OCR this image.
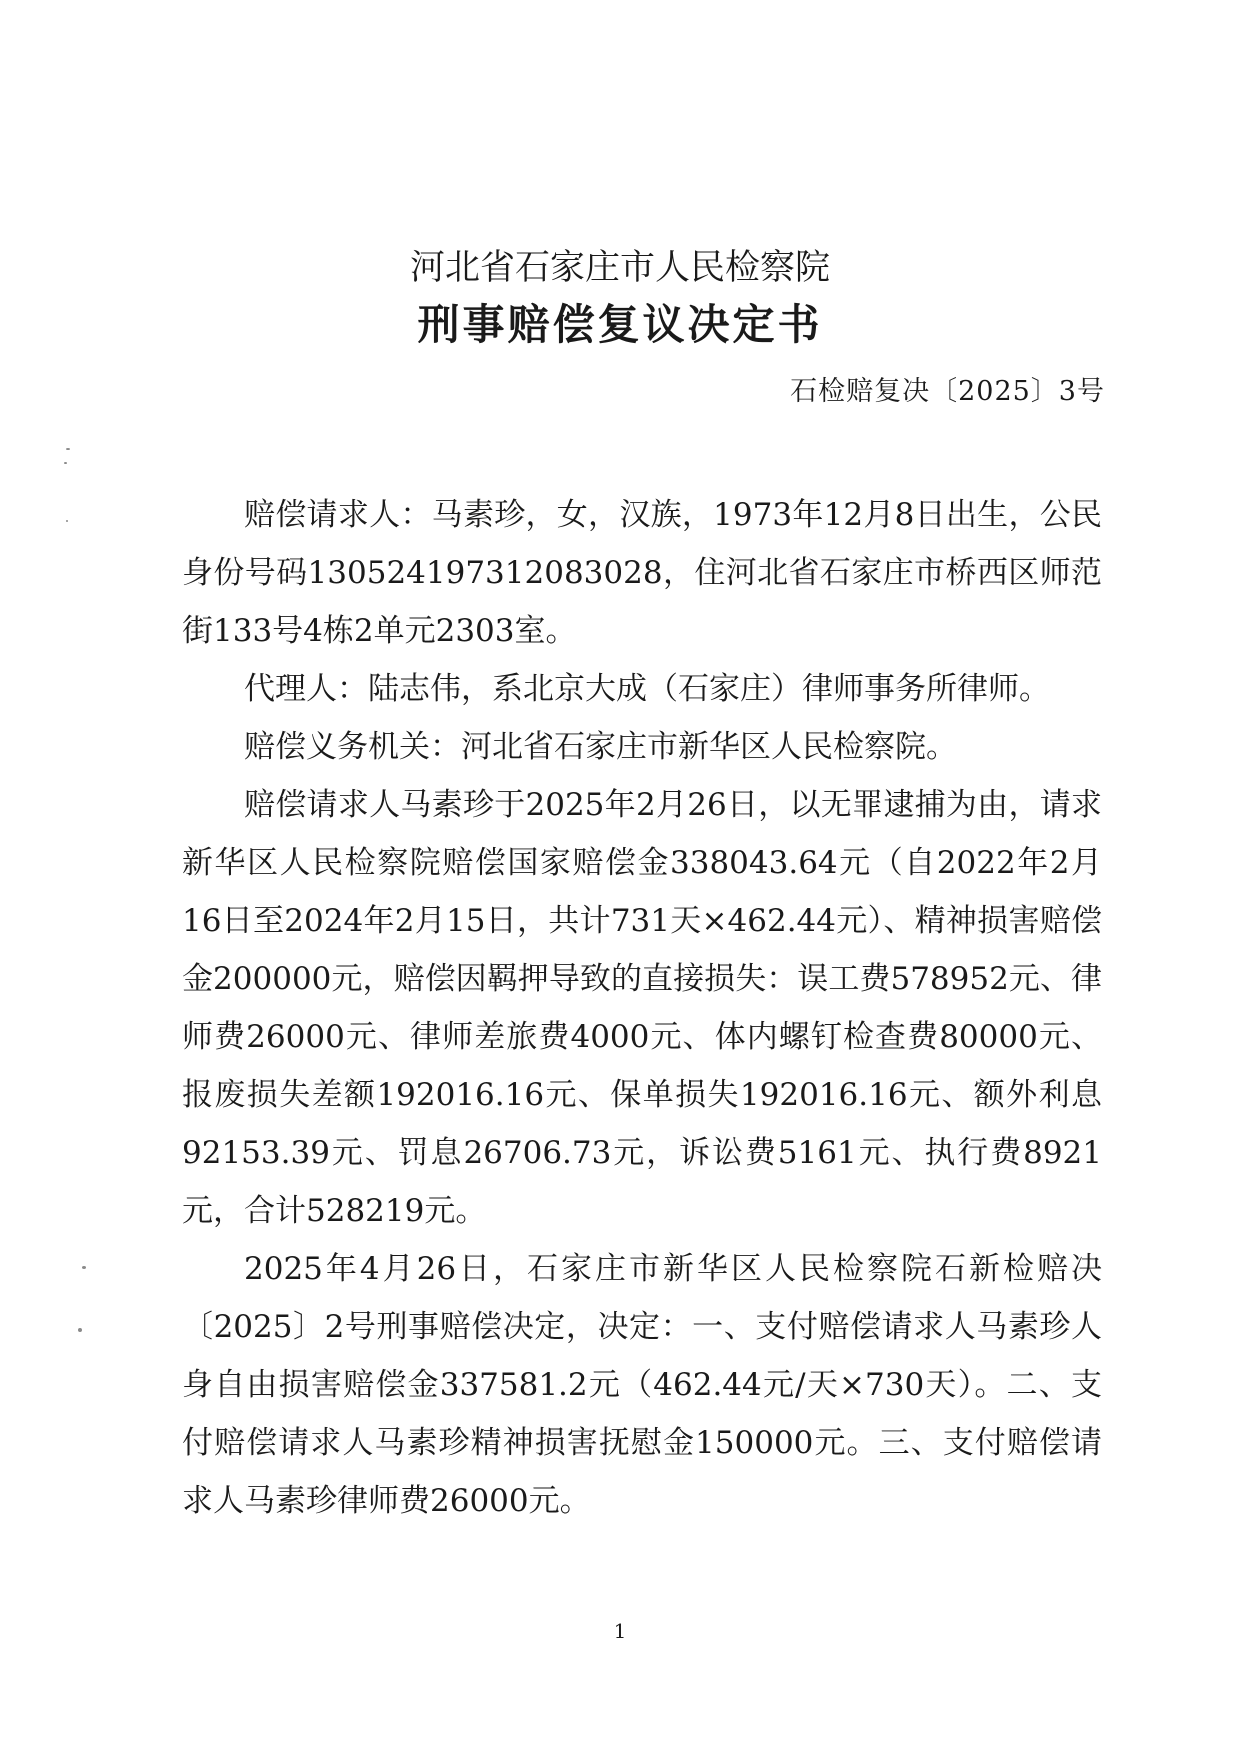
河北省石家庄市人民检察院
刑事赔偿复议决定书
石检赔复决〔2025〕3号

赔偿请求人：马素珍，女，汉族，1973年12月8日出生，公民身份号码130524197312083028，住河北省石家庄市桥西区师范街133号4栋2单元2303室。

代理人：陆志伟，系北京大成（石家庄）律师事务所律师。

赔偿义务机关：河北省石家庄市新华区人民检察院。

赔偿请求人马素珍于2025年2月26日，以无罪逮捕为由，请求新华区人民检察院赔偿国家赔偿金338043.64元（自2022年2月16日至2024年2月15日，共计731天×462.44元）、精神损害赔偿金200000元，赔偿因羁押导致的直接损失：误工费578952元、律师费26000元、律师差旅费4000元、体内螺钉检查费80000元、报废损失差额192016.16元、保单损失192016.16元、额外利息92153.39元、罚息26706.73元，诉讼费5161元、执行费8921元，合计528219元。

2025年4月26日，石家庄市新华区人民检察院石新检赔决〔2025〕2号刑事赔偿决定，决定：一、支付赔偿请求人马素珍人身自由损害赔偿金337581.2元（462.44元/天×730天）。二、支付赔偿请求人马素珍精神损害抚慰金150000元。三、支付赔偿请求人马素珍律师费26000元。

1
